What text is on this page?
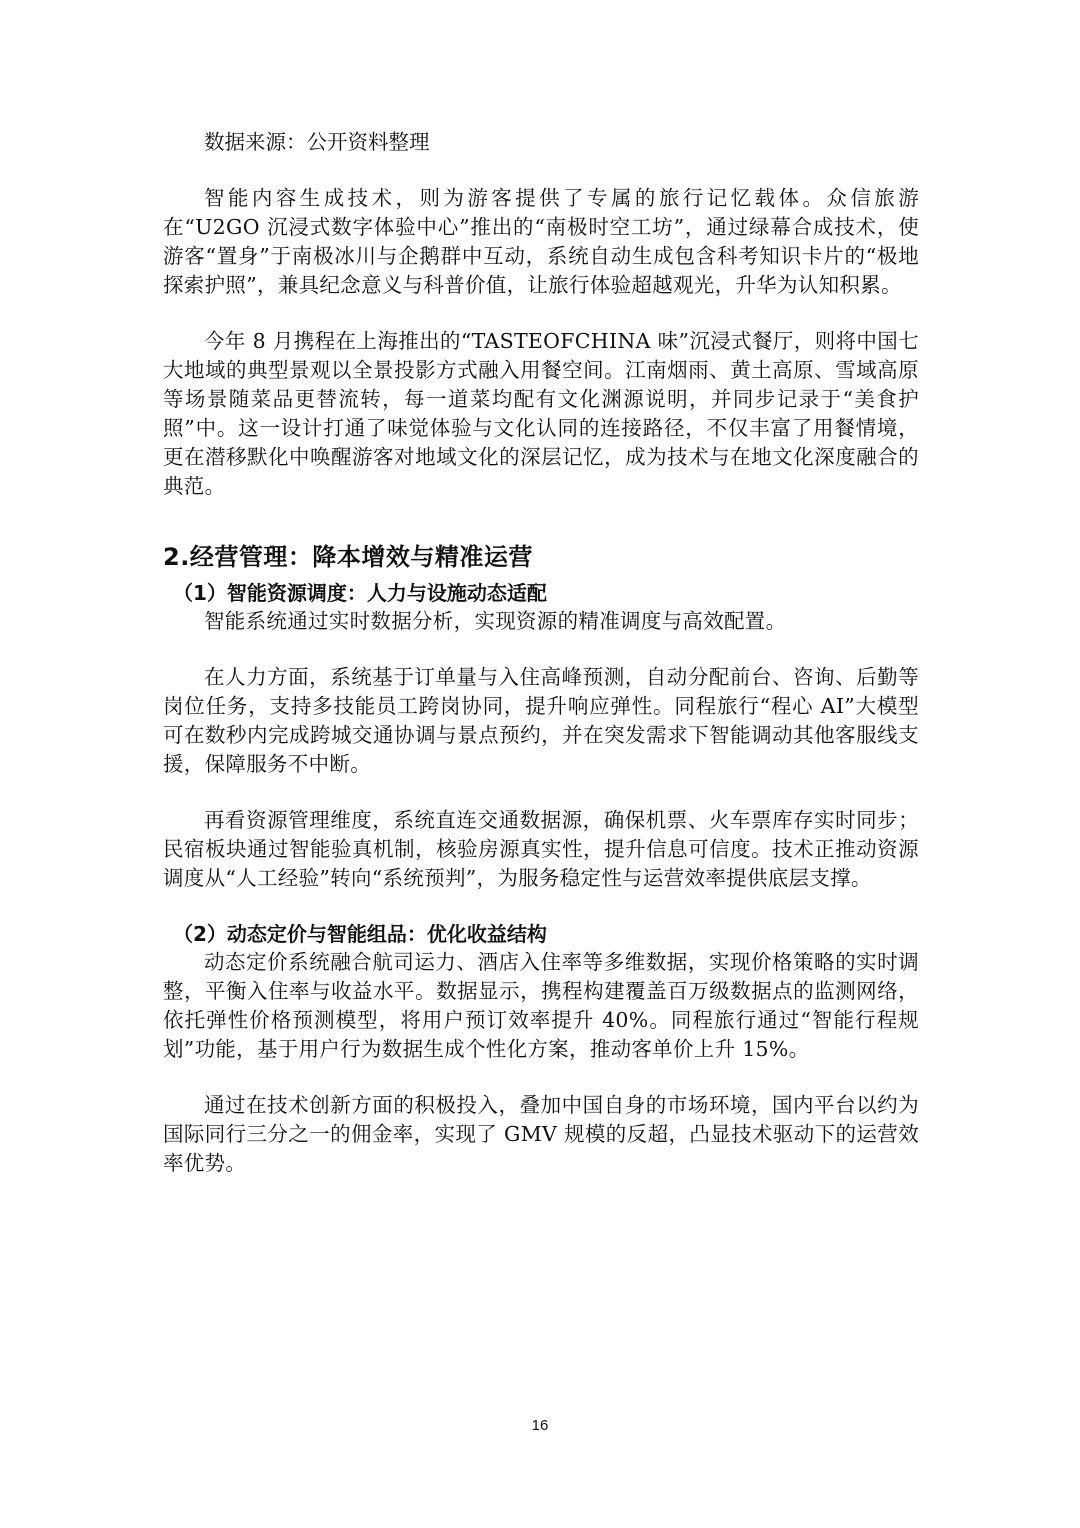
数据来源：公开资料整理

智能内容生成技术，则为游客提供了专属的旅行记忆载体。众信旅游在“U2GO 沉浸式数字体验中心”推出的“南极时空工坊”，通过绿幕合成技术，使游客“置身”于南极冰川与企鹅群中互动，系统自动生成包含科考知识卡片的“极地探索护照”，兼具纪念意义与科普价值，让旅行体验超越观光，升华为认知积累。

今年 8 月携程在上海推出的“TASTEOFCHINA 味”沉浸式餐厅，则将中国七大地域的典型景观以全景投影方式融入用餐空间。江南烟雨、黄土高原、雪域高原等场景随菜品更替流转，每一道菜均配有文化渊源说明，并同步记录于“美食护照”中。这一设计打通了味觉体验与文化认同的连接路径，不仅丰富了用餐情境，更在潜移默化中唤醒游客对地域文化的深层记忆，成为技术与在地文化深度融合的典范。

2.经营管理：降本增效与精准运营
（1）智能资源调度：人力与设施动态适配

智能系统通过实时数据分析，实现资源的精准调度与高效配置。

在人力方面，系统基于订单量与入住高峰预测，自动分配前台、咨询、后勤等岗位任务，支持多技能员工跨岗协同，提升响应弹性。同程旅行“程心 AI”大模型可在数秒内完成跨城交通协调与景点预约，并在突发需求下智能调动其他客服线支援，保障服务不中断。

再看资源管理维度，系统直连交通数据源，确保机票、火车票库存实时同步；民宿板块通过智能验真机制，核验房源真实性，提升信息可信度。技术正推动资源调度从“人工经验”转向“系统预判”，为服务稳定性与运营效率提供底层支撑。

（2）动态定价与智能组品：优化收益结构

动态定价系统融合航司运力、酒店入住率等多维数据，实现价格策略的实时调整，平衡入住率与收益水平。数据显示，携程构建覆盖百万级数据点的监测网络，依托弹性价格预测模型，将用户预订效率提升 40%。同程旅行通过“智能行程规划”功能，基于用户行为数据生成个性化方案，推动客单价上升 15%。

通过在技术创新方面的积极投入，叠加中国自身的市场环境，国内平台以约为国际同行三分之一的佣金率，实现了 GMV 规模的反超，凸显技术驱动下的运营效率优势。

16
